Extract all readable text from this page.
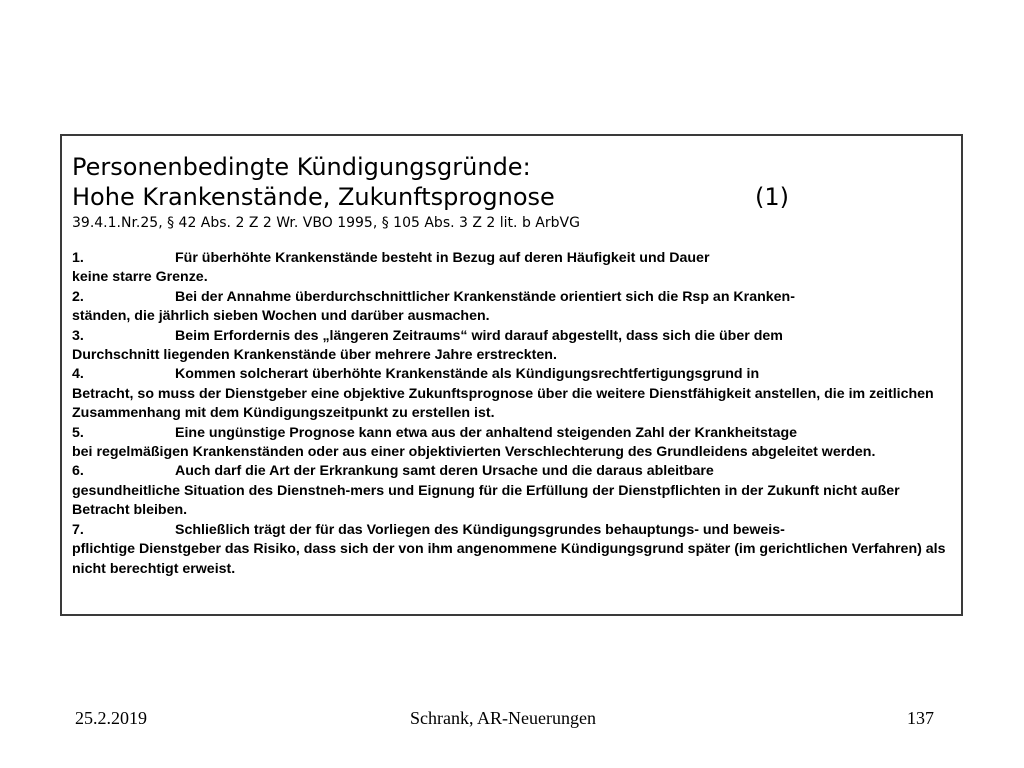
Personenbedingte Kündigungsgründe:
Hohe Krankenstände, Zukunftsprognose	(1)
39.4.1.Nr.25, § 42 Abs. 2 Z 2 Wr. VBO 1995, § 105 Abs. 3 Z 2 lit. b ArbVG

1.	Für überhöhte Krankenstände besteht in Bezug auf deren Häufigkeit und Dauer
keine starre Grenze.

2.	Bei der Annahme überdurchschnittlicher Krankenstände orientiert sich die Rsp an Kranken-
ständen, die jährlich sieben Wochen und darüber ausmachen.

3.	Beim Erfordernis des „längeren Zeitraums“ wird darauf abgestellt, dass sich die über dem
Durchschnitt liegenden Krankenstände über mehrere Jahre erstreckten.

4.	Kommen solcherart überhöhte Krankenstände als Kündigungsrechtfertigungsgrund in
Betracht, so muss der Dienstgeber eine objektive Zukunftsprognose über die weitere Dienstfähigkeit anstellen, die im zeitlichen Zusammenhang mit dem Kündigungszeitpunkt zu erstellen ist.

5.	Eine ungünstige Prognose kann etwa aus der anhaltend steigenden Zahl der Krankheitstage
bei regelmäßigen Krankenständen oder aus einer objektivierten Verschlechterung des Grundleidens abgeleitet werden.

6.	Auch darf die Art der Erkrankung samt deren Ursache und die daraus ableitbare
gesundheitliche Situation des Dienstneh-mers und Eignung für die Erfüllung der Dienstpflichten in der Zukunft nicht außer Betracht bleiben.

7.	Schließlich trägt der für das Vorliegen des Kündigungsgrundes behauptungs- und beweis-
pflichtige Dienstgeber das Risiko, dass sich der von ihm angenommene Kündigungsgrund später (im gerichtlichen Verfahren) als nicht berechtigt erweist.

25.2.2019	Schrank, AR-Neuerungen	137
